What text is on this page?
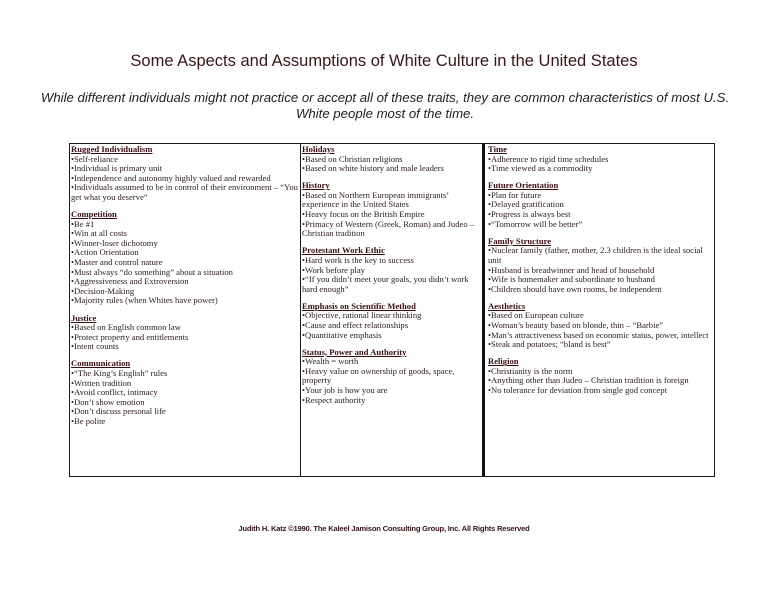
Some Aspects and Assumptions of White Culture in the United States
While different individuals might not practice or accept all of these traits, they are common characteristics of most U.S. White people most of the time.
Rugged Individualism
• Self-reliance
• Individual is primary unit
• Independence and autonomy highly valued and rewarded
• Individuals assumed to be in control of their environment – “You get what you deserve”
Competition
• Be #1
• Win at all costs
• Winner-loser dichotomy
• Action Orientation
• Master and control nature
• Must always “do something” about a situation
• Aggressiveness and Extroversion
• Decision-Making
• Majority rules (when Whites have power)
Justice
• Based on English common law
• Protect property and entitlements
• Intent counts
Communication
• “The King’s English” rules
• Written tradition
• Avoid conflict, intimacy
• Don’t show emotion
• Don’t discuss personal life
• Be polite
Holidays
• Based on Christian religions
• Based on white history and male leaders
History
• Based on Northern European immigrants’ experience in the United States
• Heavy focus on the British Empire
• Primacy of Western (Greek, Roman) and Judeo – Christian tradition
Protestant Work Ethic
• Hard work is the key to success
• Work before play
• “If you didn’t meet your goals, you didn’t work hard enough”
Emphasis on Scientific Method
• Objective, rational linear thinking
• Cause and effect relationships
• Quantitative emphasis
Status, Power and Authority
• Wealth = worth
• Heavy value on ownership of goods, space, property
• Your job is how you are
• Respect authority
Time
• Adherence to rigid time schedules
• Time viewed as a commodity
Future Orientation
• Plan for future
• Delayed gratification
• Progress is always best
• “Tomorrow will be better”
Family Structure
• Nuclear family (father, mother, 2.3 children is the ideal social unit
• Husband is breadwinner and head of household
• Wife is homemaker and subordinate to husband
• Children should have own rooms, be independent
Aesthetics
• Based on European culture
• Woman’s beauty based on blonde, thin – “Barbie”
• Man’s attractiveness based on economic status, power, intellect
• Steak and potatoes; “bland is best”
Religion
• Christianity is the norm
• Anything other than Judeo – Christian tradition is foreign
• No tolerance for deviation from single god concept
Judith H. Katz ©1990. The Kaleel Jamison Consulting Group, Inc. All Rights Reserved
